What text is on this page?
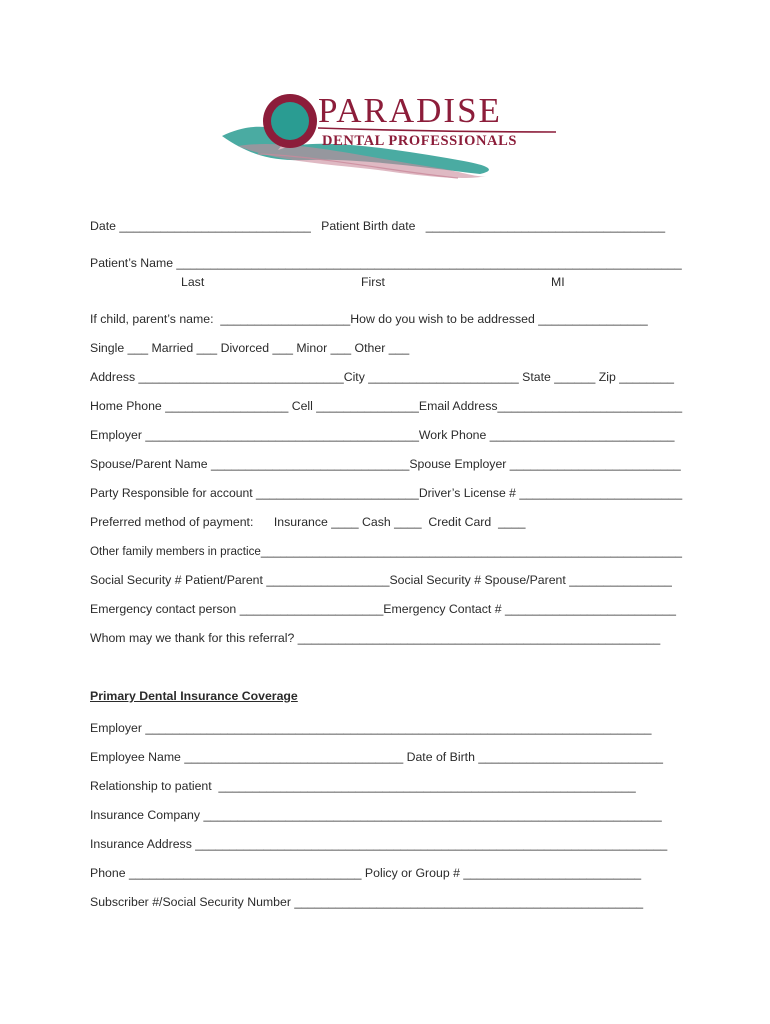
PARADISE
DENTAL PROFESSIONALS
Date ____________________________   Patient Birth date   ___________________________________
Patient’s Name __________________________________________________________________________
Last	First	MI
If child, parent’s name:  ___________________How do you wish to be addressed ________________
Single ___ Married ___ Divorced ___ Minor ___ Other ___
Address ______________________________City ______________________ State ______ Zip ________
Home Phone __________________ Cell _______________Email Address___________________________
Employer ________________________________________Work Phone ___________________________
Spouse/Parent Name _____________________________Spouse Employer _________________________
Party Responsible for account ________________________Driver’s License # ________________________
Preferred method of payment:      Insurance ____ Cash ____  Credit Card  ____
Other family members in practice_________________________________________________________________
Social Security # Patient/Parent __________________Social Security # Spouse/Parent _______________
Emergency contact person _____________________Emergency Contact # _________________________
Whom may we thank for this referral? _____________________________________________________
Primary Dental Insurance Coverage
Employer __________________________________________________________________________
Employee Name ________________________________ Date of Birth ___________________________
Relationship to patient  _____________________________________________________________
Insurance Company ___________________________________________________________________
Insurance Address _____________________________________________________________________
Phone __________________________________ Policy or Group # __________________________
Subscriber #/Social Security Number ___________________________________________________
